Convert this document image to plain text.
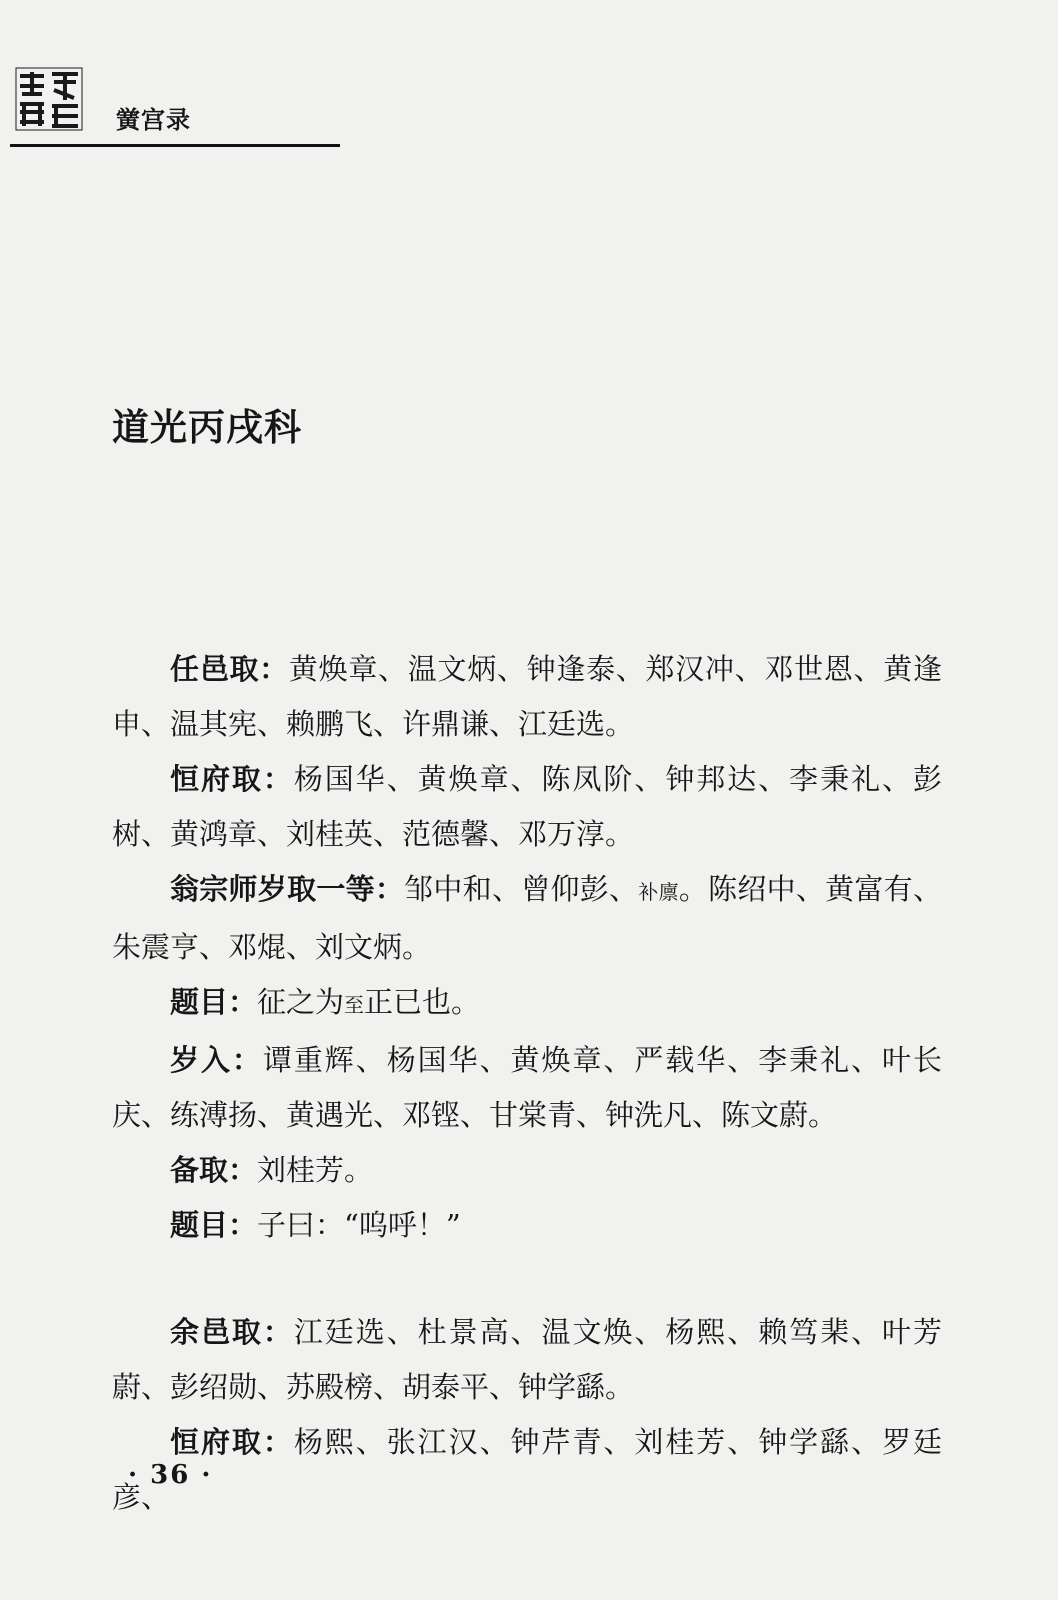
黉宫录
道光丙戌科

任邑取：黄焕章、温文炳、钟逢泰、郑汉冲、邓世恩、黄逢申、温其宪、赖鹏飞、许鼎谦、江廷选。

恒府取：杨国华、黄焕章、陈凤阶、钟邦达、李秉礼、彭树、黄鸿章、刘桂英、范德馨、邓万淳。

翁宗师岁取一等：邹中和、曾仰彭、补廪。陈绍中、黄富有、朱震亨、邓焜、刘文炳。

题目：征之为至正已也。

岁入：谭重辉、杨国华、黄焕章、严载华、李秉礼、叶长庆、练溥扬、黄遇光、邓铿、甘棠青、钟洗凡、陈文蔚。

备取：刘桂芳。

题目：子曰：“呜呼！”

余邑取：江廷选、杜景高、温文焕、杨熙、赖笃棐、叶芳蔚、彭绍勋、苏殿榜、胡泰平、钟学繇。

恒府取：杨熙、张江汉、钟芹青、刘桂芳、钟学繇、罗廷彦、

· 36 ·
